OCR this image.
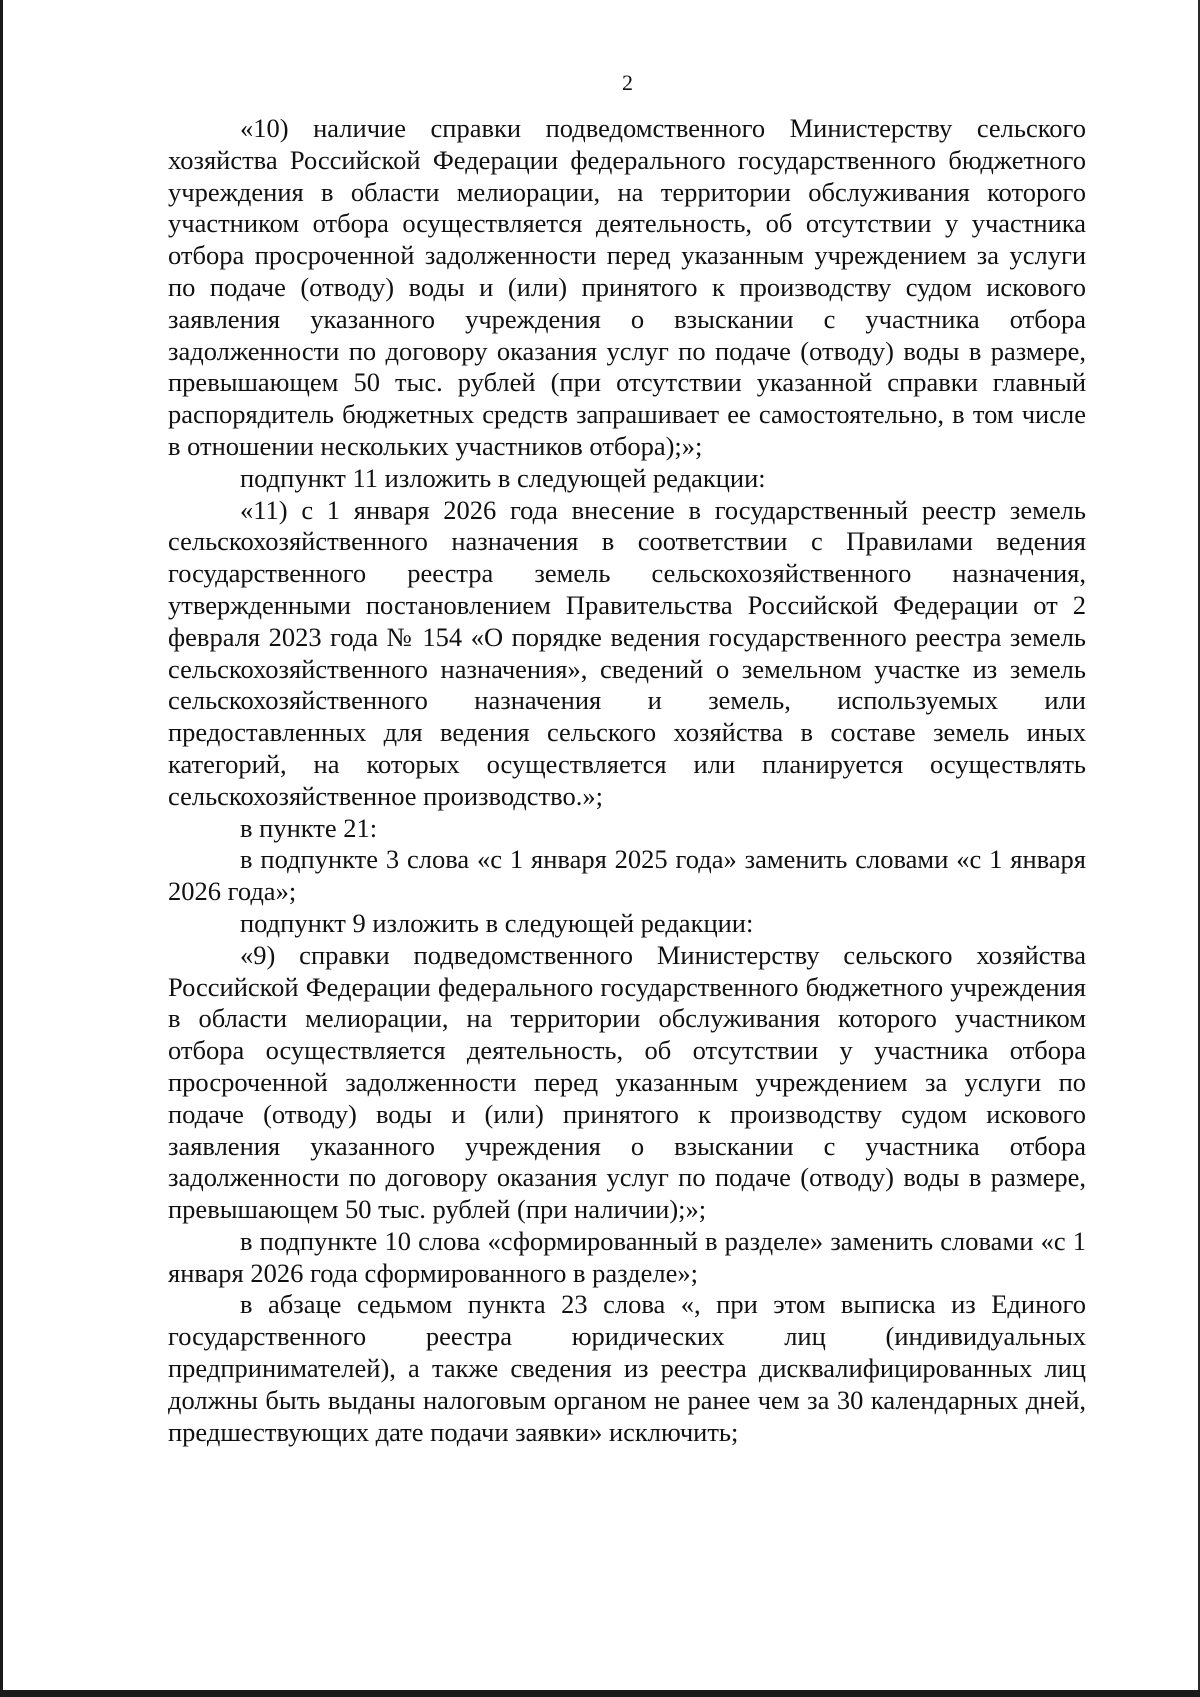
2

«10) наличие справки подведомственного Министерству сельского хозяйства Российской Федерации федерального государственного бюджетного учреждения в области мелиорации, на территории обслуживания которого участником отбора осуществляется деятельность, об отсутствии у участника отбора просроченной задолженности перед указанным учреждением за услуги по подаче (отводу) воды и (или) принятого к производству судом искового заявления указанного учреждения о взыскании с участника отбора задолженности по договору оказания услуг по подаче (отводу) воды в размере, превышающем 50 тыс. рублей (при отсутствии указанной справки главный распорядитель бюджетных средств запрашивает ее самостоятельно, в том числе в отношении нескольких участников отбора);»;

подпункт 11 изложить в следующей редакции:

«11) с 1 января 2026 года внесение в государственный реестр земель сельскохозяйственного назначения в соответствии с Правилами ведения государственного реестра земель сельскохозяйственного назначения, утвержденными постановлением Правительства Российской Федерации от 2 февраля 2023 года № 154 «О порядке ведения государственного реестра земель сельскохозяйственного назначения», сведений о земельном участке из земель сельскохозяйственного назначения и земель, используемых или предоставленных для ведения сельского хозяйства в составе земель иных категорий, на которых осуществляется или планируется осуществлять сельскохозяйственное производство.»;

в пункте 21:

в подпункте 3 слова «с 1 января 2025 года» заменить словами «с 1 января 2026 года»;

подпункт 9 изложить в следующей редакции:

«9) справки подведомственного Министерству сельского хозяйства Российской Федерации федерального государственного бюджетного учреждения в области мелиорации, на территории обслуживания которого участником отбора осуществляется деятельность, об отсутствии у участника отбора просроченной задолженности перед указанным учреждением за услуги по подаче (отводу) воды и (или) принятого к производству судом искового заявления указанного учреждения о взыскании с участника отбора задолженности по договору оказания услуг по подаче (отводу) воды в размере, превышающем 50 тыс. рублей (при наличии);»;

в подпункте 10 слова «сформированный в разделе» заменить словами «с 1 января 2026 года сформированного в разделе»;

в абзаце седьмом пункта 23 слова «, при этом выписка из Единого государственного реестра юридических лиц (индивидуальных предпринимателей), а также сведения из реестра дисквалифицированных лиц должны быть выданы налоговым органом не ранее чем за 30 календарных дней, предшествующих дате подачи заявки» исключить;
